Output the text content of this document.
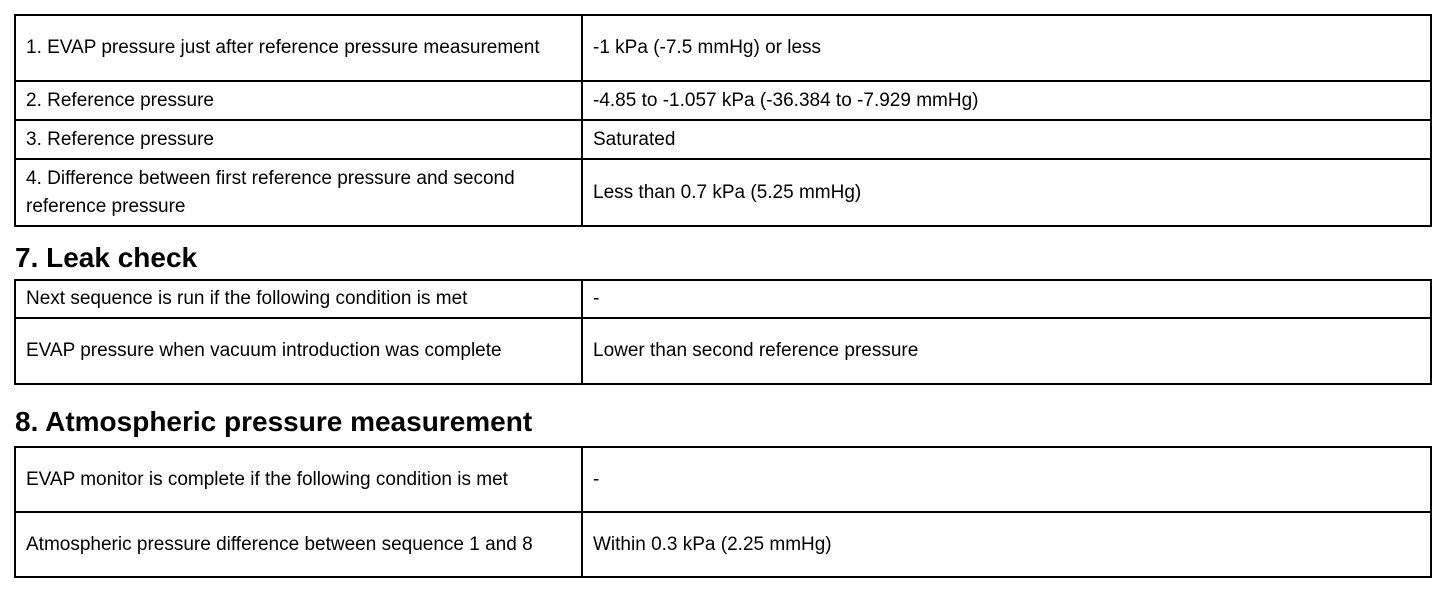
1. EVAP pressure just after reference pressure measurement	-1 kPa (-7.5 mmHg) or less
2. Reference pressure	-4.85 to -1.057 kPa (-36.384 to -7.929 mmHg)
3. Reference pressure	Saturated
4. Difference between first reference pressure and second reference pressure	Less than 0.7 kPa (5.25 mmHg)
7. Leak check
Next sequence is run if the following condition is met	-
EVAP pressure when vacuum introduction was complete	Lower than second reference pressure
8. Atmospheric pressure measurement
EVAP monitor is complete if the following condition is met	-
Atmospheric pressure difference between sequence 1 and 8	Within 0.3 kPa (2.25 mmHg)
